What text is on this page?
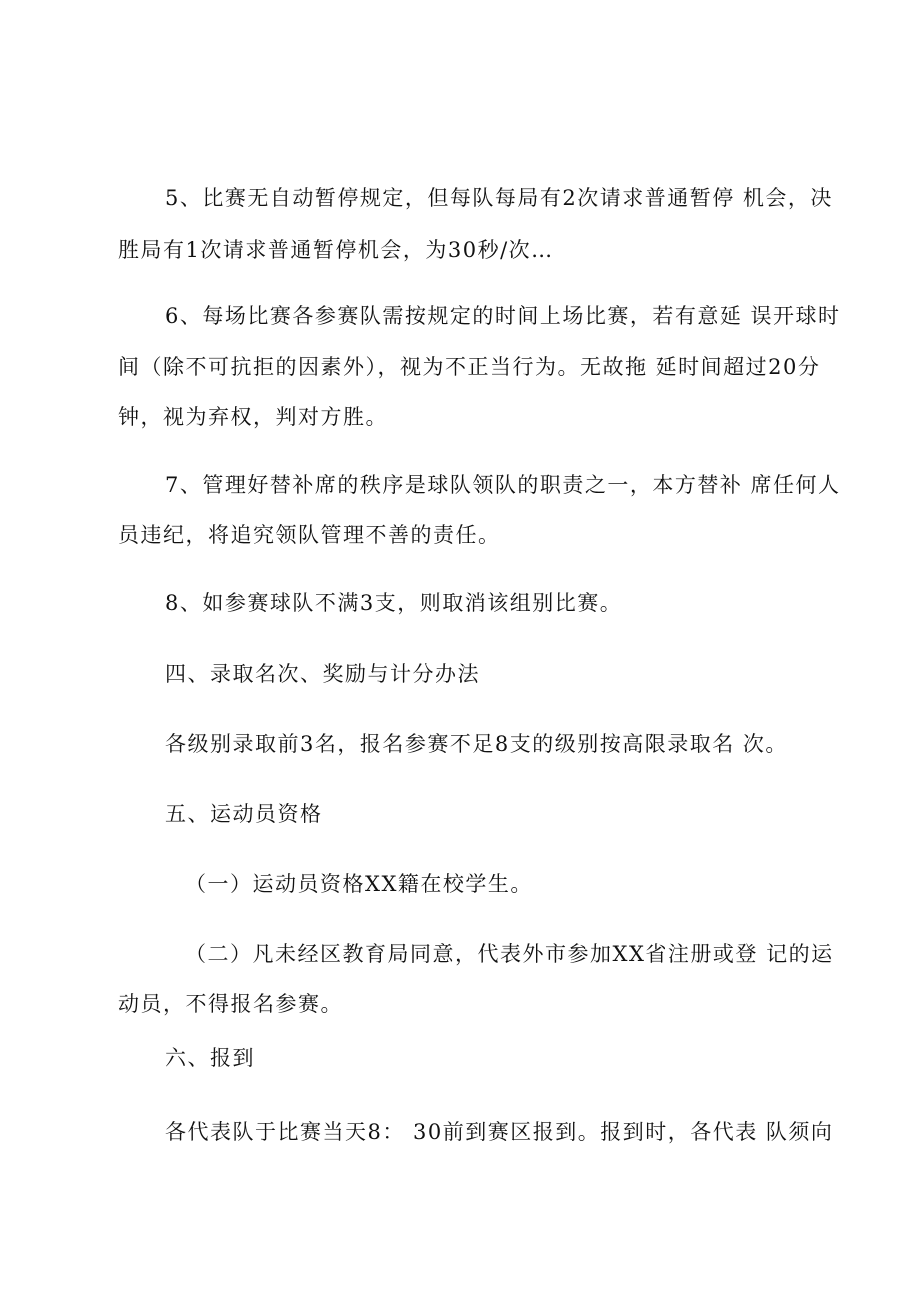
5、比赛无自动暂停规定，但每队每局有2次请求普通暂停 机会，决
胜局有1次请求普通暂停机会，为30秒/次…
6、每场比赛各参赛队需按规定的时间上场比赛，若有意延 误开球时
间（除不可抗拒的因素外），视为不正当行为。无故拖 延时间超过20分
钟，视为弃权，判对方胜。
7、管理好替补席的秩序是球队领队的职责之一，本方替补 席任何人
员违纪，将追究领队管理不善的责任。
8、如参赛球队不满3支，则取消该组别比赛。
四、录取名次、奖励与计分办法
各级别录取前3名，报名参赛不足8支的级别按高限录取名 次。
五、运动员资格
（一）运动员资格XX籍在校学生。
（二）凡未经区教育局同意，代表外市参加XX省注册或登 记的运
动员，不得报名参赛。
六、报到
各代表队于比赛当天8： 30前到赛区报到。报到时，各代表 队须向
